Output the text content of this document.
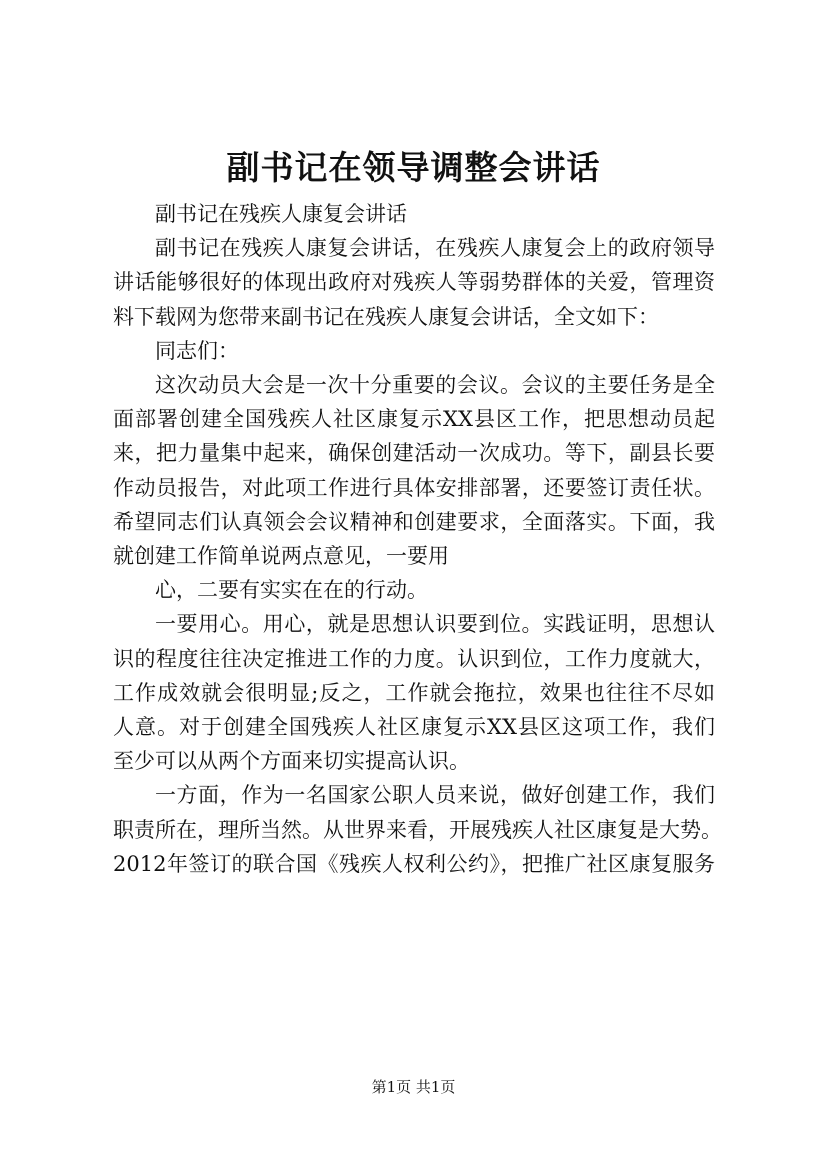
副书记在领导调整会讲话
副书记在残疾人康复会讲话
副书记在残疾人康复会讲话，在残疾人康复会上的政府领导
讲话能够很好的体现出政府对残疾人等弱势群体的关爱，管理资
料下载网为您带来副书记在残疾人康复会讲话，全文如下：
同志们：
这次动员大会是一次十分重要的会议。会议的主要任务是全
面部署创建全国残疾人社区康复示XX县区工作，把思想动员起
来，把力量集中起来，确保创建活动一次成功。等下，副县长要
作动员报告，对此项工作进行具体安排部署，还要签订责任状。
希望同志们认真领会会议精神和创建要求，全面落实。下面，我
就创建工作简单说两点意见，一要用
心，二要有实实在在的行动。
一要用心。用心，就是思想认识要到位。实践证明，思想认
识的程度往往决定推进工作的力度。认识到位，工作力度就大，
工作成效就会很明显;反之，工作就会拖拉，效果也往往不尽如
人意。对于创建全国残疾人社区康复示XX县区这项工作，我们
至少可以从两个方面来切实提高认识。
一方面，作为一名国家公职人员来说，做好创建工作，我们
职责所在，理所当然。从世界来看，开展残疾人社区康复是大势。
2012年签订的联合国《残疾人权利公约》，把推广社区康复服务
第1页 共1页
